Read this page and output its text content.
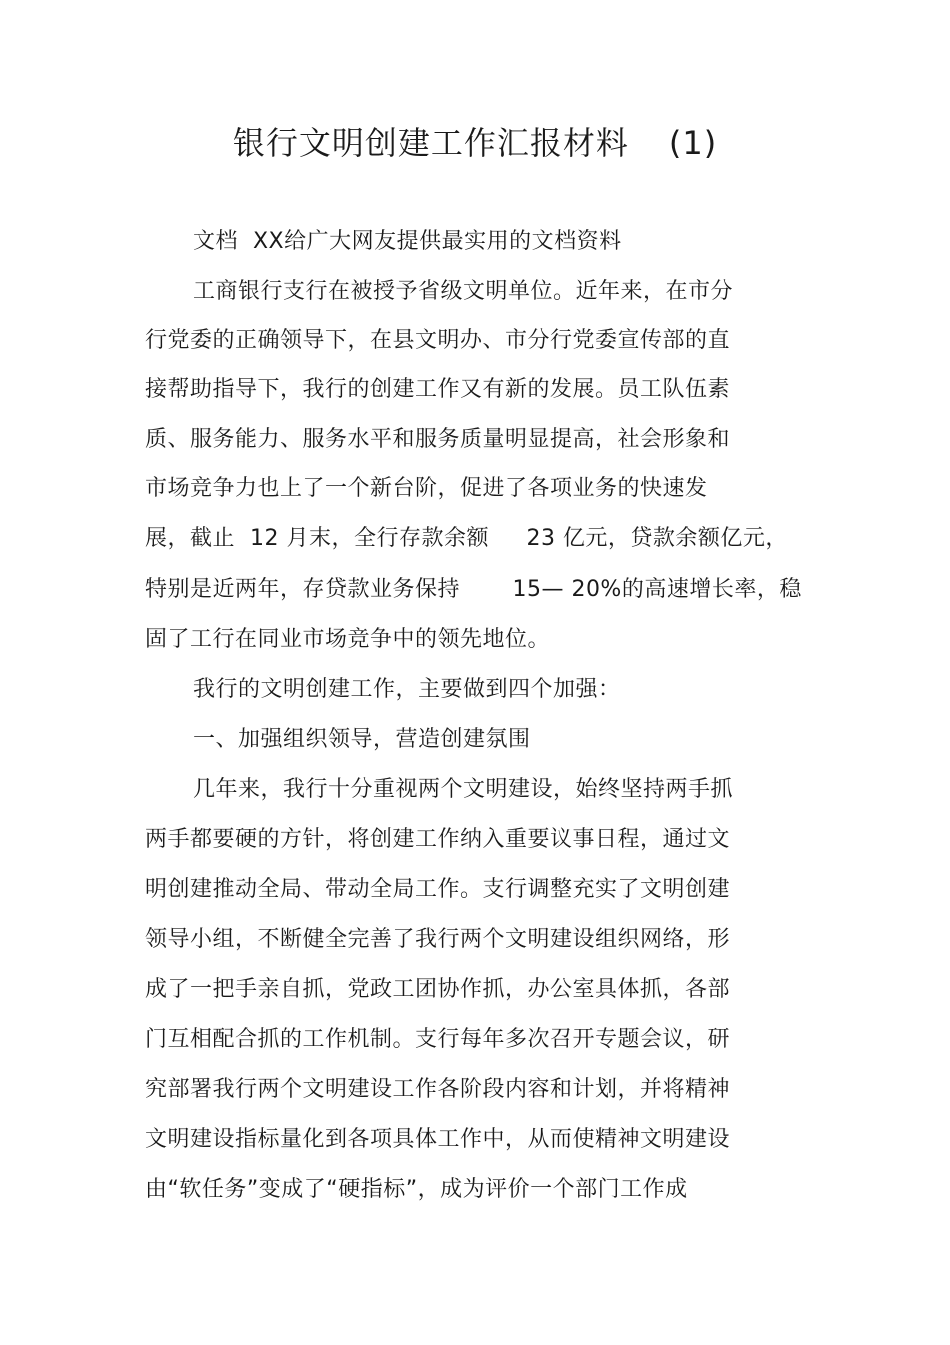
银行文明创建工作汇报材料 (1)
文档  XX给广大网友提供最实用的文档资料
工商银行支行在被授予省级文明单位。近年来，在市分
行党委的正确领导下，在县文明办、市分行党委宣传部的直
接帮助指导下，我行的创建工作又有新的发展。员工队伍素
质、服务能力、服务水平和服务质量明显提高，社会形象和
市场竞争力也上了一个新台阶，促进了各项业务的快速发
展，截止  12 月末，全行存款余额     23 亿元，贷款余额亿元，
特别是近两年，存贷款业务保持       15— 20%的高速增长率，稳
固了工行在同业市场竞争中的领先地位。
我行的文明创建工作，主要做到四个加强：
一、加强组织领导，营造创建氛围
几年来，我行十分重视两个文明建设，始终坚持两手抓
两手都要硬的方针，将创建工作纳入重要议事日程，通过文
明创建推动全局、带动全局工作。支行调整充实了文明创建
领导小组，不断健全完善了我行两个文明建设组织网络，形
成了一把手亲自抓，党政工团协作抓，办公室具体抓，各部
门互相配合抓的工作机制。支行每年多次召开专题会议，研
究部署我行两个文明建设工作各阶段内容和计划，并将精神
文明建设指标量化到各项具体工作中，从而使精神文明建设
由“软任务”变成了“硬指标”，成为评价一个部门工作成
